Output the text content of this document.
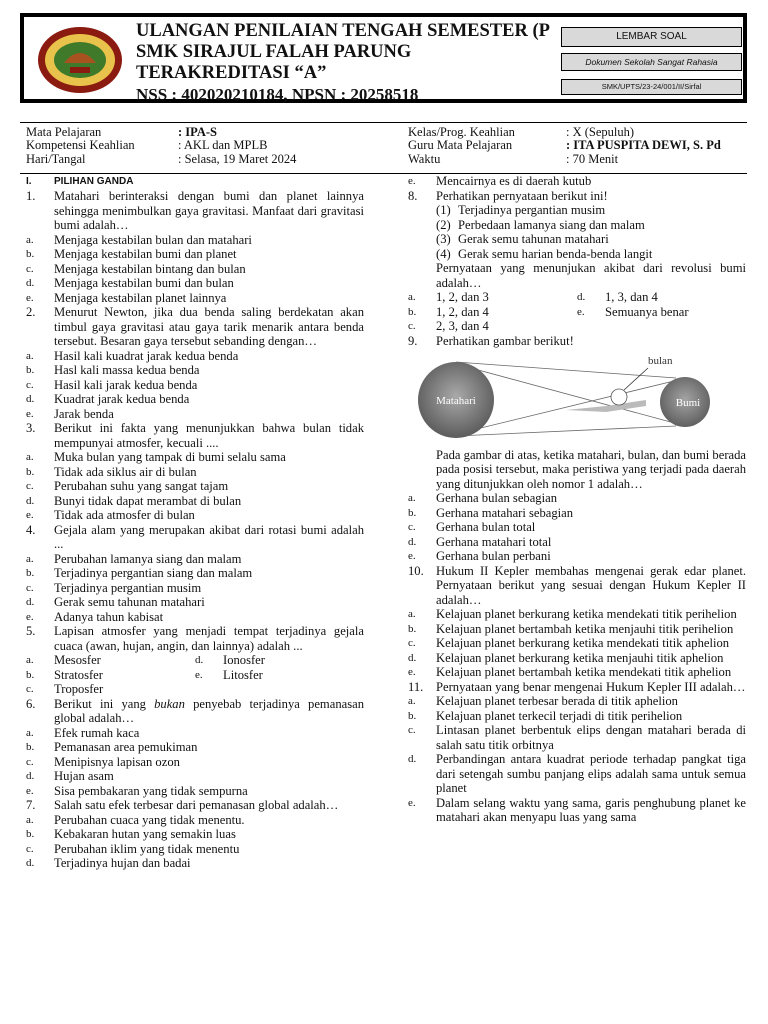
ULANGAN PENILAIAN TENGAH SEMESTER (P
SMK SIRAJUL FALAH PARUNG
TERAKREDITASI “A”
NSS : 402020210184, NPSN : 20258518
LEMBAR SOAL
Dokumen Sekolah Sangat Rahasia
SMK/UPTS/23-24/001/II/Sirfal
Mata Pelajaran	: IPA-S
Kompetensi Keahlian	: AKL dan MPLB
Hari/Tangal	: Selasa, 19 Maret 2024
Kelas/Prog. Keahlian	: X (Sepuluh)
Guru Mata Pelajaran	: ITA PUSPITA DEWI, S. Pd
Waktu	: 70 Menit
I. PILIHAN GANDA
1. Matahari berinteraksi dengan bumi dan planet lainnya sehingga menimbulkan gaya gravitasi. Manfaat dari gravitasi bumi adalah…
a. Menjaga kestabilan bulan dan matahari
b. Menjaga kestabilan bumi dan planet
c. Menjaga kestabilan bintang dan bulan
d. Menjaga kestabilan bumi dan bulan
e. Menjaga kestabilan planet lainnya
2. Menurut Newton, jika dua benda saling berdekatan akan timbul gaya gravitasi atau gaya tarik menarik antara benda tersebut. Besaran gaya tersebut sebanding dengan…
a. Hasil kali kuadrat jarak kedua benda
b. Hasl kali massa kedua benda
c. Hasil kali jarak kedua benda
d. Kuadrat jarak kedua benda
e. Jarak benda
3. Berikut ini fakta yang menunjukkan bahwa bulan tidak mempunyai atmosfer, kecuali ....
a. Muka bulan yang tampak di bumi selalu sama
b. Tidak ada siklus air di bulan
c. Perubahan suhu yang sangat tajam
d. Bunyi tidak dapat merambat di bulan
e. Tidak ada atmosfer di bulan
4. Gejala alam yang merupakan akibat dari rotasi bumi adalah ...
a. Perubahan lamanya siang dan malam
b. Terjadinya pergantian siang dan malam
c. Terjadinya pergantian musim
d. Gerak semu tahunan matahari
e. Adanya tahun kabisat
5. Lapisan atmosfer yang menjadi tempat terjadinya gejala cuaca (awan, hujan, angin, dan lainnya) adalah ...
a. Mesosfer	d. Ionosfer
b. Stratosfer	e. Litosfer
c. Troposfer
6. Berikut ini yang bukan penyebab terjadinya pemanasan global adalah…
a. Efek rumah kaca
b. Pemanasan area pemukiman
c. Menipisnya lapisan ozon
d. Hujan asam
e. Sisa pembakaran yang tidak sempurna
7. Salah satu efek terbesar dari pemanasan global adalah…
a. Perubahan cuaca yang tidak menentu.
b. Kebakaran hutan yang semakin luas
c. Perubahan iklim yang tidak menentu
d. Terjadinya hujan dan badai
e. Mencairnya es di daerah kutub
8. Perhatikan pernyataan berikut ini!
(1) Terjadinya pergantian musim
(2) Perbedaan lamanya siang dan malam
(3) Gerak semu tahunan matahari
(4) Gerak semu harian benda-benda langit
Pernyataan yang menunjukan akibat dari revolusi bumi adalah…
a. 1, 2, dan 3	d. 1, 3, dan 4
b. 1, 2, dan 4	e. Semuanya benar
c. 2, 3, dan 4
9. Perhatikan gambar berikut!
Matahari
bulan
Bumi
1
Pada gambar di atas, ketika matahari, bulan, dan bumi berada pada posisi tersebut, maka peristiwa yang terjadi pada daerah yang ditunjukkan oleh nomor 1 adalah…
a. Gerhana bulan sebagian
b. Gerhana matahari sebagian
c. Gerhana bulan total
d. Gerhana matahari total
e. Gerhana bulan perbani
10. Hukum II Kepler membahas mengenai gerak edar planet. Pernyataan berikut yang sesuai dengan Hukum Kepler II adalah…
a. Kelajuan planet berkurang ketika mendekati titik perihelion
b. Kelajuan planet bertambah ketika menjauhi titik perihelion
c. Kelajuan planet berkurang ketika mendekati titik aphelion
d. Kelajuan planet berkurang ketika menjauhi titik aphelion
e. Kelajuan planet bertambah ketika mendekati titik aphelion
11. Pernyataan yang benar mengenai Hukum Kepler III adalah…
a. Kelajuan planet terbesar berada di titik aphelion
b. Kelajuan planet terkecil terjadi di titik perihelion
c. Lintasan planet berbentuk elips dengan matahari berada di salah satu titik orbitnya
d. Perbandingan antara kuadrat periode terhadap pangkat tiga dari setengah sumbu panjang elips adalah sama untuk semua planet
e. Dalam selang waktu yang sama, garis penghubung planet ke matahari akan menyapu luas yang sama
